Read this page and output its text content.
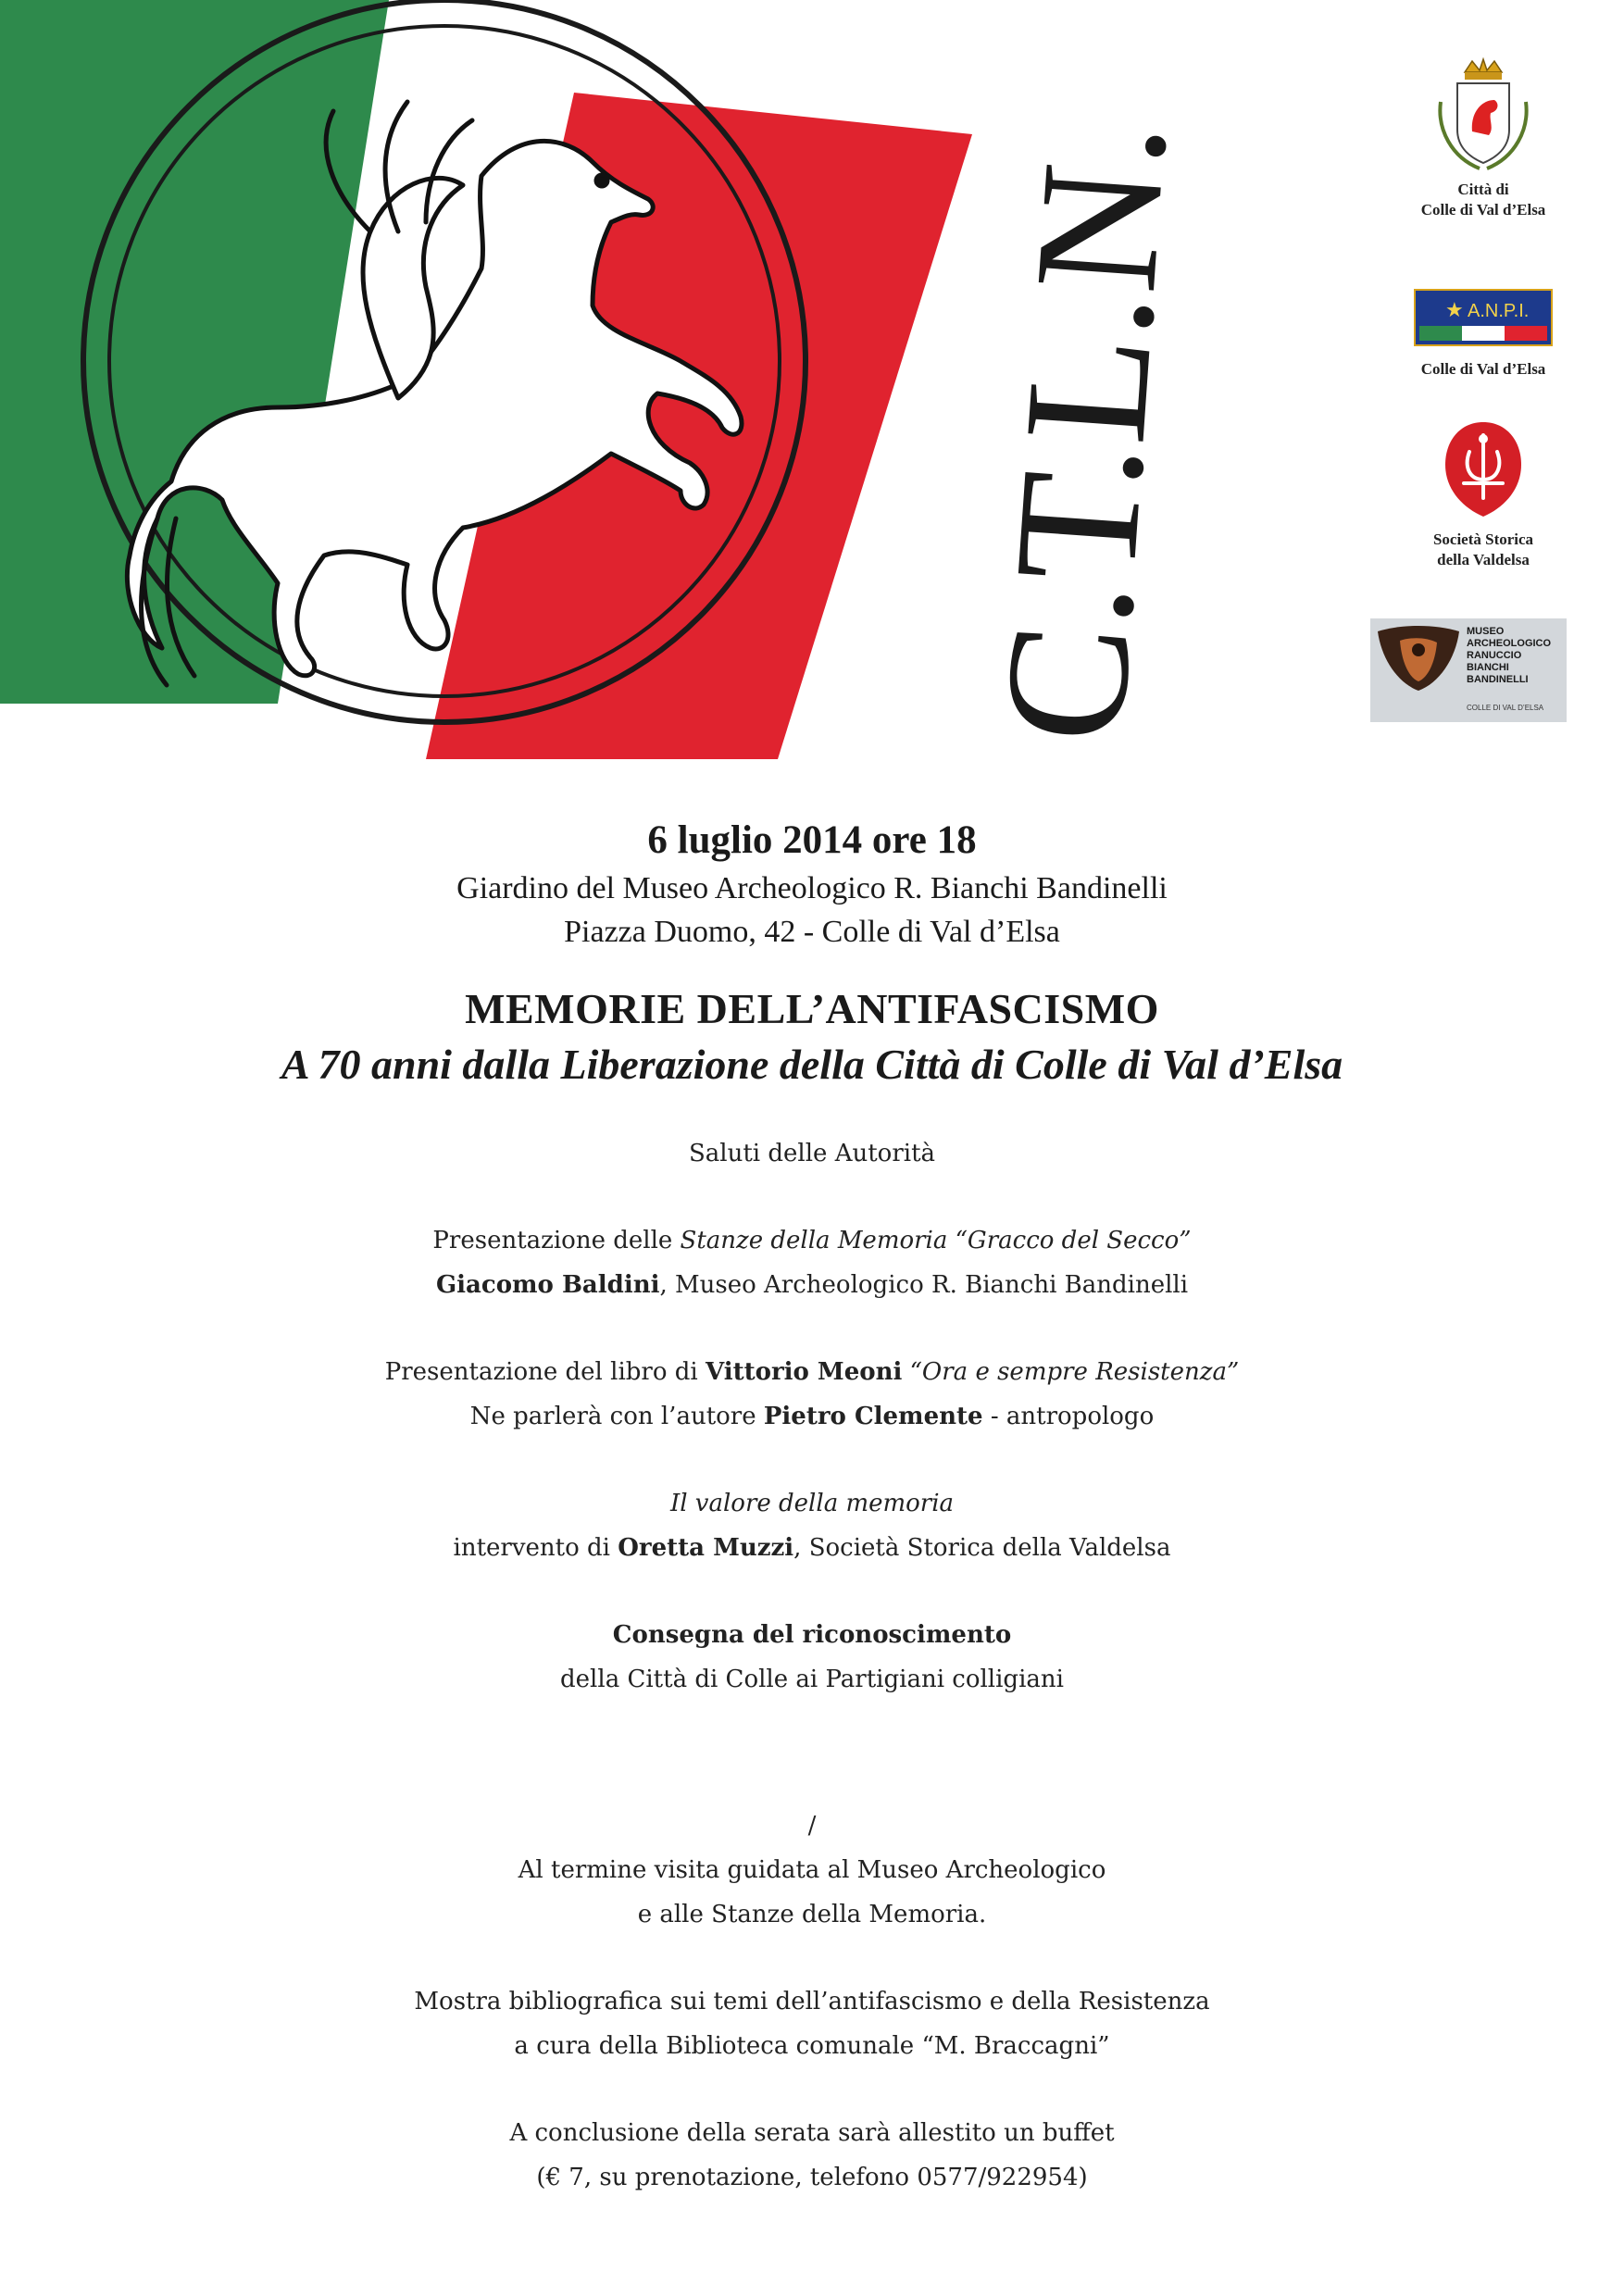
C.T.L.N.	Città di
Colle di Val d’Elsa
★ A.N.P.I.
Colle di Val d’Elsa
Società Storica
della Valdelsa
MUSEO
ARCHEOLOGICO
RANUCCIO
BIANCHI
BANDINELLI
COLLE DI VAL D’ELSA

6 luglio 2014 ore 18

Giardino del Museo Archeologico R. Bianchi Bandinelli

Piazza Duomo, 42 - Colle di Val d’Elsa

MEMORIE DELL’ANTIFASCISMO

A 70 anni dalla Liberazione della Città di Colle di Val d’Elsa

Saluti delle Autorità

Presentazione delle Stanze della Memoria “Gracco del Secco”

Giacomo Baldini, Museo Archeologico R. Bianchi Bandinelli

Presentazione del libro di Vittorio Meoni “Ora e sempre Resistenza”

Ne parlerà con l’autore Pietro Clemente - antropologo

Il valore della memoria

intervento di Oretta Muzzi, Società Storica della Valdelsa

Consegna del riconoscimento

della Città di Colle ai Partigiani colligiani

/

Al termine visita guidata al Museo Archeologico

e alle Stanze della Memoria.

Mostra bibliografica sui temi dell’antifascismo e della Resistenza

a cura della Biblioteca comunale “M. Braccagni”

A conclusione della serata sarà allestito un buffet

(€ 7, su prenotazione, telefono 0577/922954)
